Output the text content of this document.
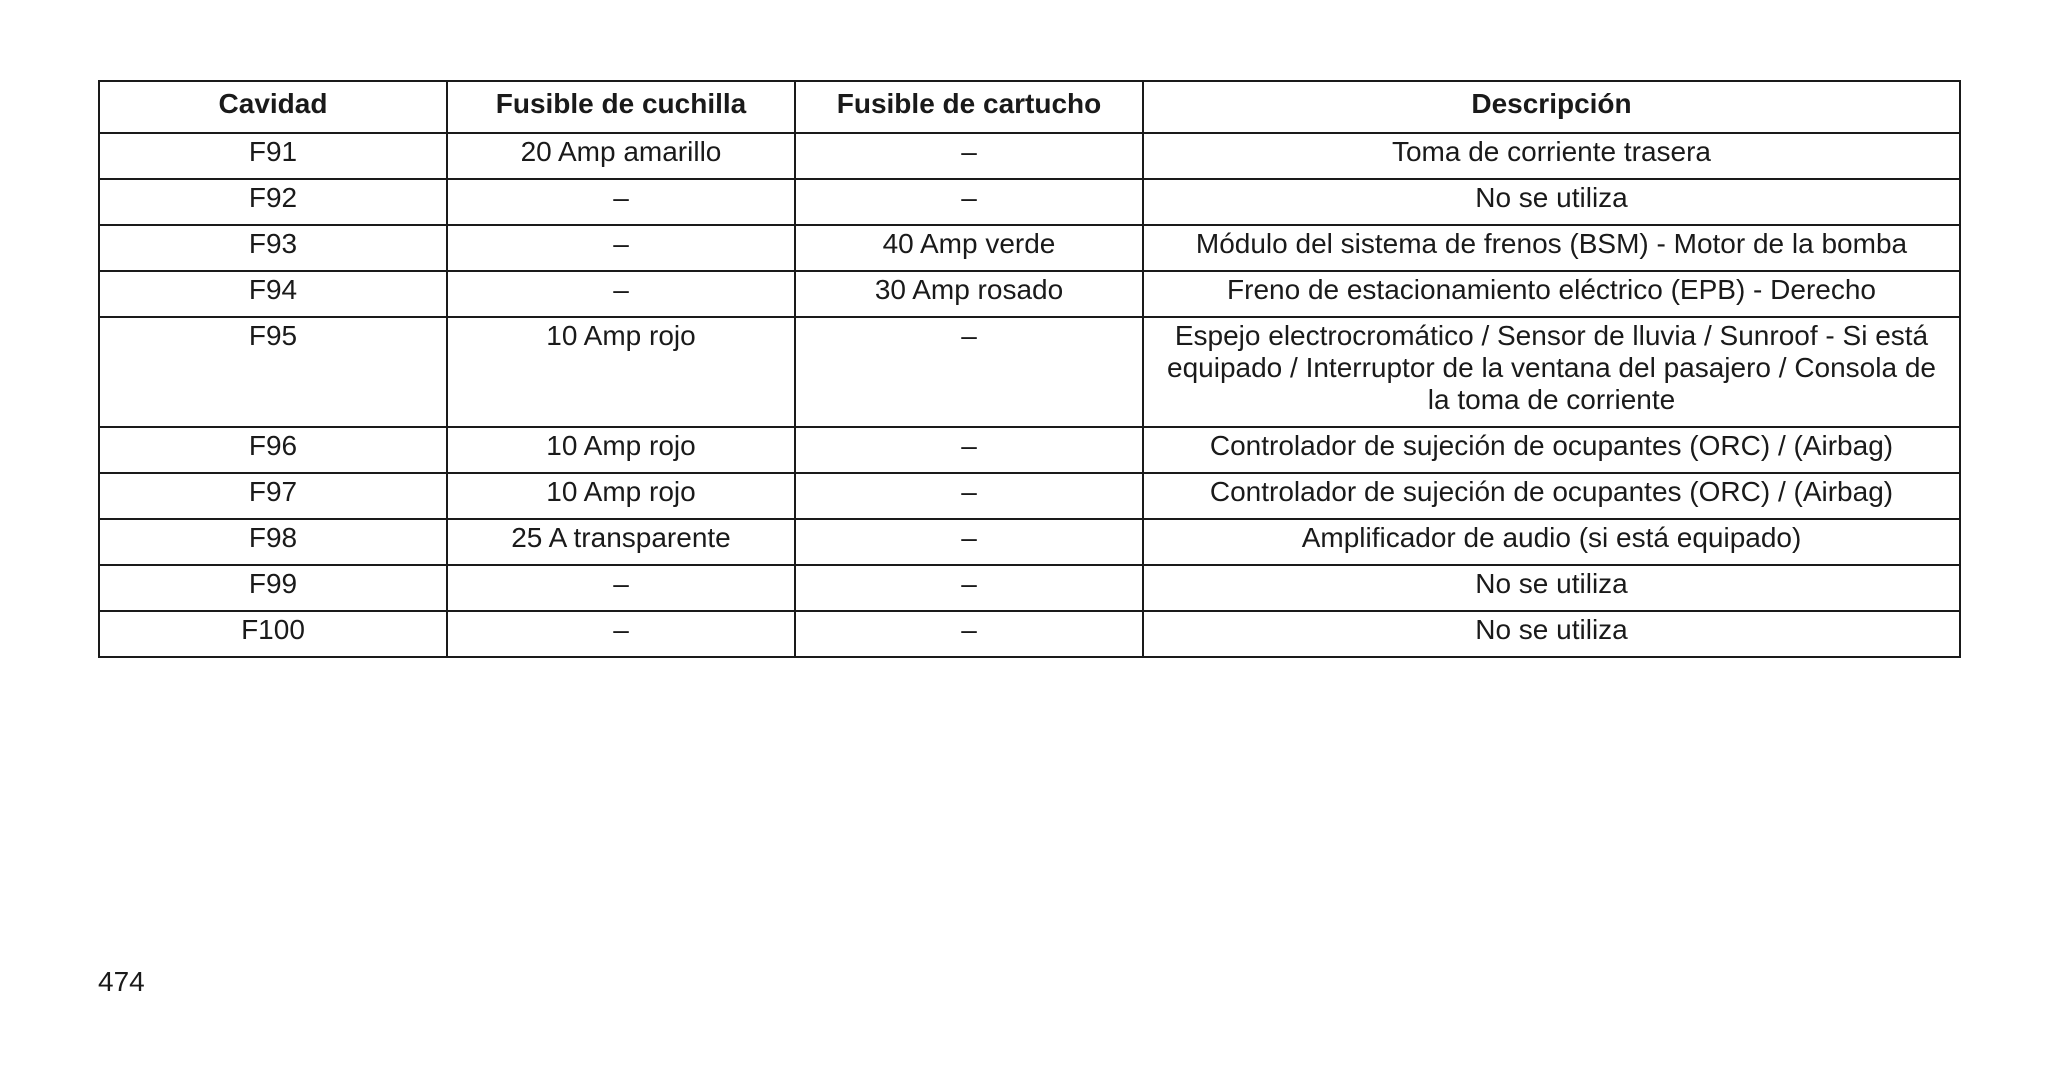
Cavidad	Fusible de cuchilla	Fusible de cartucho	Descripción
F91	20 Amp amarillo	–	Toma de corriente trasera
F92	–	–	No se utiliza
F93	–	40 Amp verde	Módulo del sistema de frenos (BSM) - Motor de la bomba
F94	–	30 Amp rosado	Freno de estacionamiento eléctrico (EPB) - Derecho
F95	10 Amp rojo	–	Espejo electrocromático / Sensor de lluvia / Sunroof - Si está equipado / Interruptor de la ventana del pasajero / Consola de la toma de corriente
F96	10 Amp rojo	–	Controlador de sujeción de ocupantes (ORC) / (Airbag)
F97	10 Amp rojo	–	Controlador de sujeción de ocupantes (ORC) / (Airbag)
F98	25 A transparente	–	Amplificador de audio (si está equipado)
F99	–	–	No se utiliza
F100	–	–	No se utiliza
474
